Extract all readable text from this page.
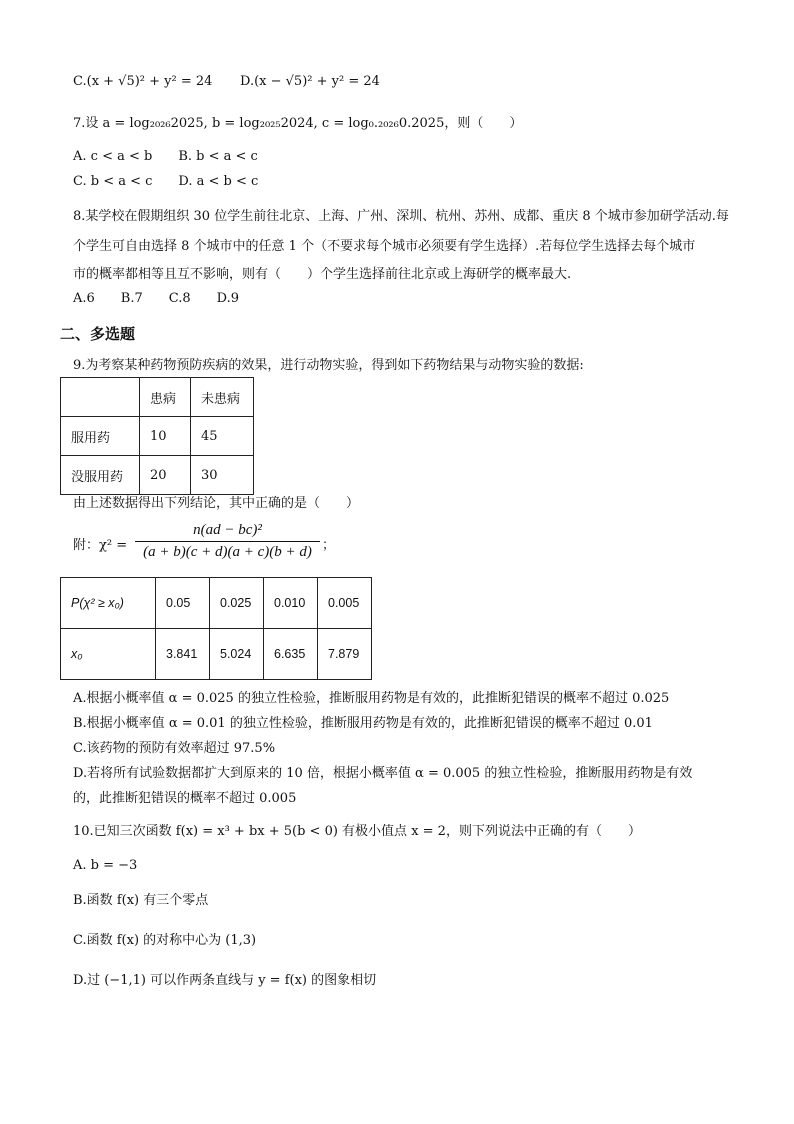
C.(x + √5)² + y² = 24 D.(x − √5)² + y² = 24
7.设 a = log₂₀₂₆2025, b = log₂₀₂₅2024, c = log₀.₂₀₂₆0.2025，则（　　）
A. c < a < b　　B. b < a < c
C. b < a < c　　D. a < b < c
8.某学校在假期组织 30 位学生前往北京、上海、广州、深圳、杭州、苏州、成都、重庆 8 个城市参加研学活动.每
个学生可自由选择 8 个城市中的任意 1 个（不要求每个城市必须要有学生选择）.若每位学生选择去每个城市
市的概率都相等且互不影响，则有（　　）个学生选择前往北京或上海研学的概率最大.
A.6　　B.7　　C.8　　D.9
二、多选题
9.为考察某种药物预防疾病的效果，进行动物实验，得到如下药物结果与动物实验的数据:
	患病	未患病
服用药	10	45
没服用药	20	30
由上述数据得出下列结论，其中正确的是（　　）
附：$\chi^2 = \frac{\text{n(ad − bc)²}}{(a + b)(c + d)(a + c)(b + d)}$ ；
P(χ² ≥ x₀)	0.05	0.025	0.010	0.005
x₀	3.841	5.024	6.635	7.879
A.根据小概率值 α = 0.025 的独立性检验，推断服用药物是有效的，此推断犯错误的概率不超过 0.025
B.根据小概率值 α = 0.01 的独立性检验，推断服用药物是有效的，此推断犯错误的概率不超过 0.01
C.该药物的预防有效率超过 97.5%
D.若将所有试验数据都扩大到原来的 10 倍，根据小概率值 α = 0.005 的独立性检验，推断服用药物是有效
的，此推断犯错误的概率不超过 0.005
10.已知三次函数 f(x) = x³ + bx + 5(b < 0) 有极小值点 x = 2，则下列说法中正确的有（　　）
A. b = −3
B.函数 f(x) 有三个零点
C.函数 f(x) 的对称中心为 (1,3)
D.过 (−1,1) 可以作两条直线与 y = f(x) 的图象相切
